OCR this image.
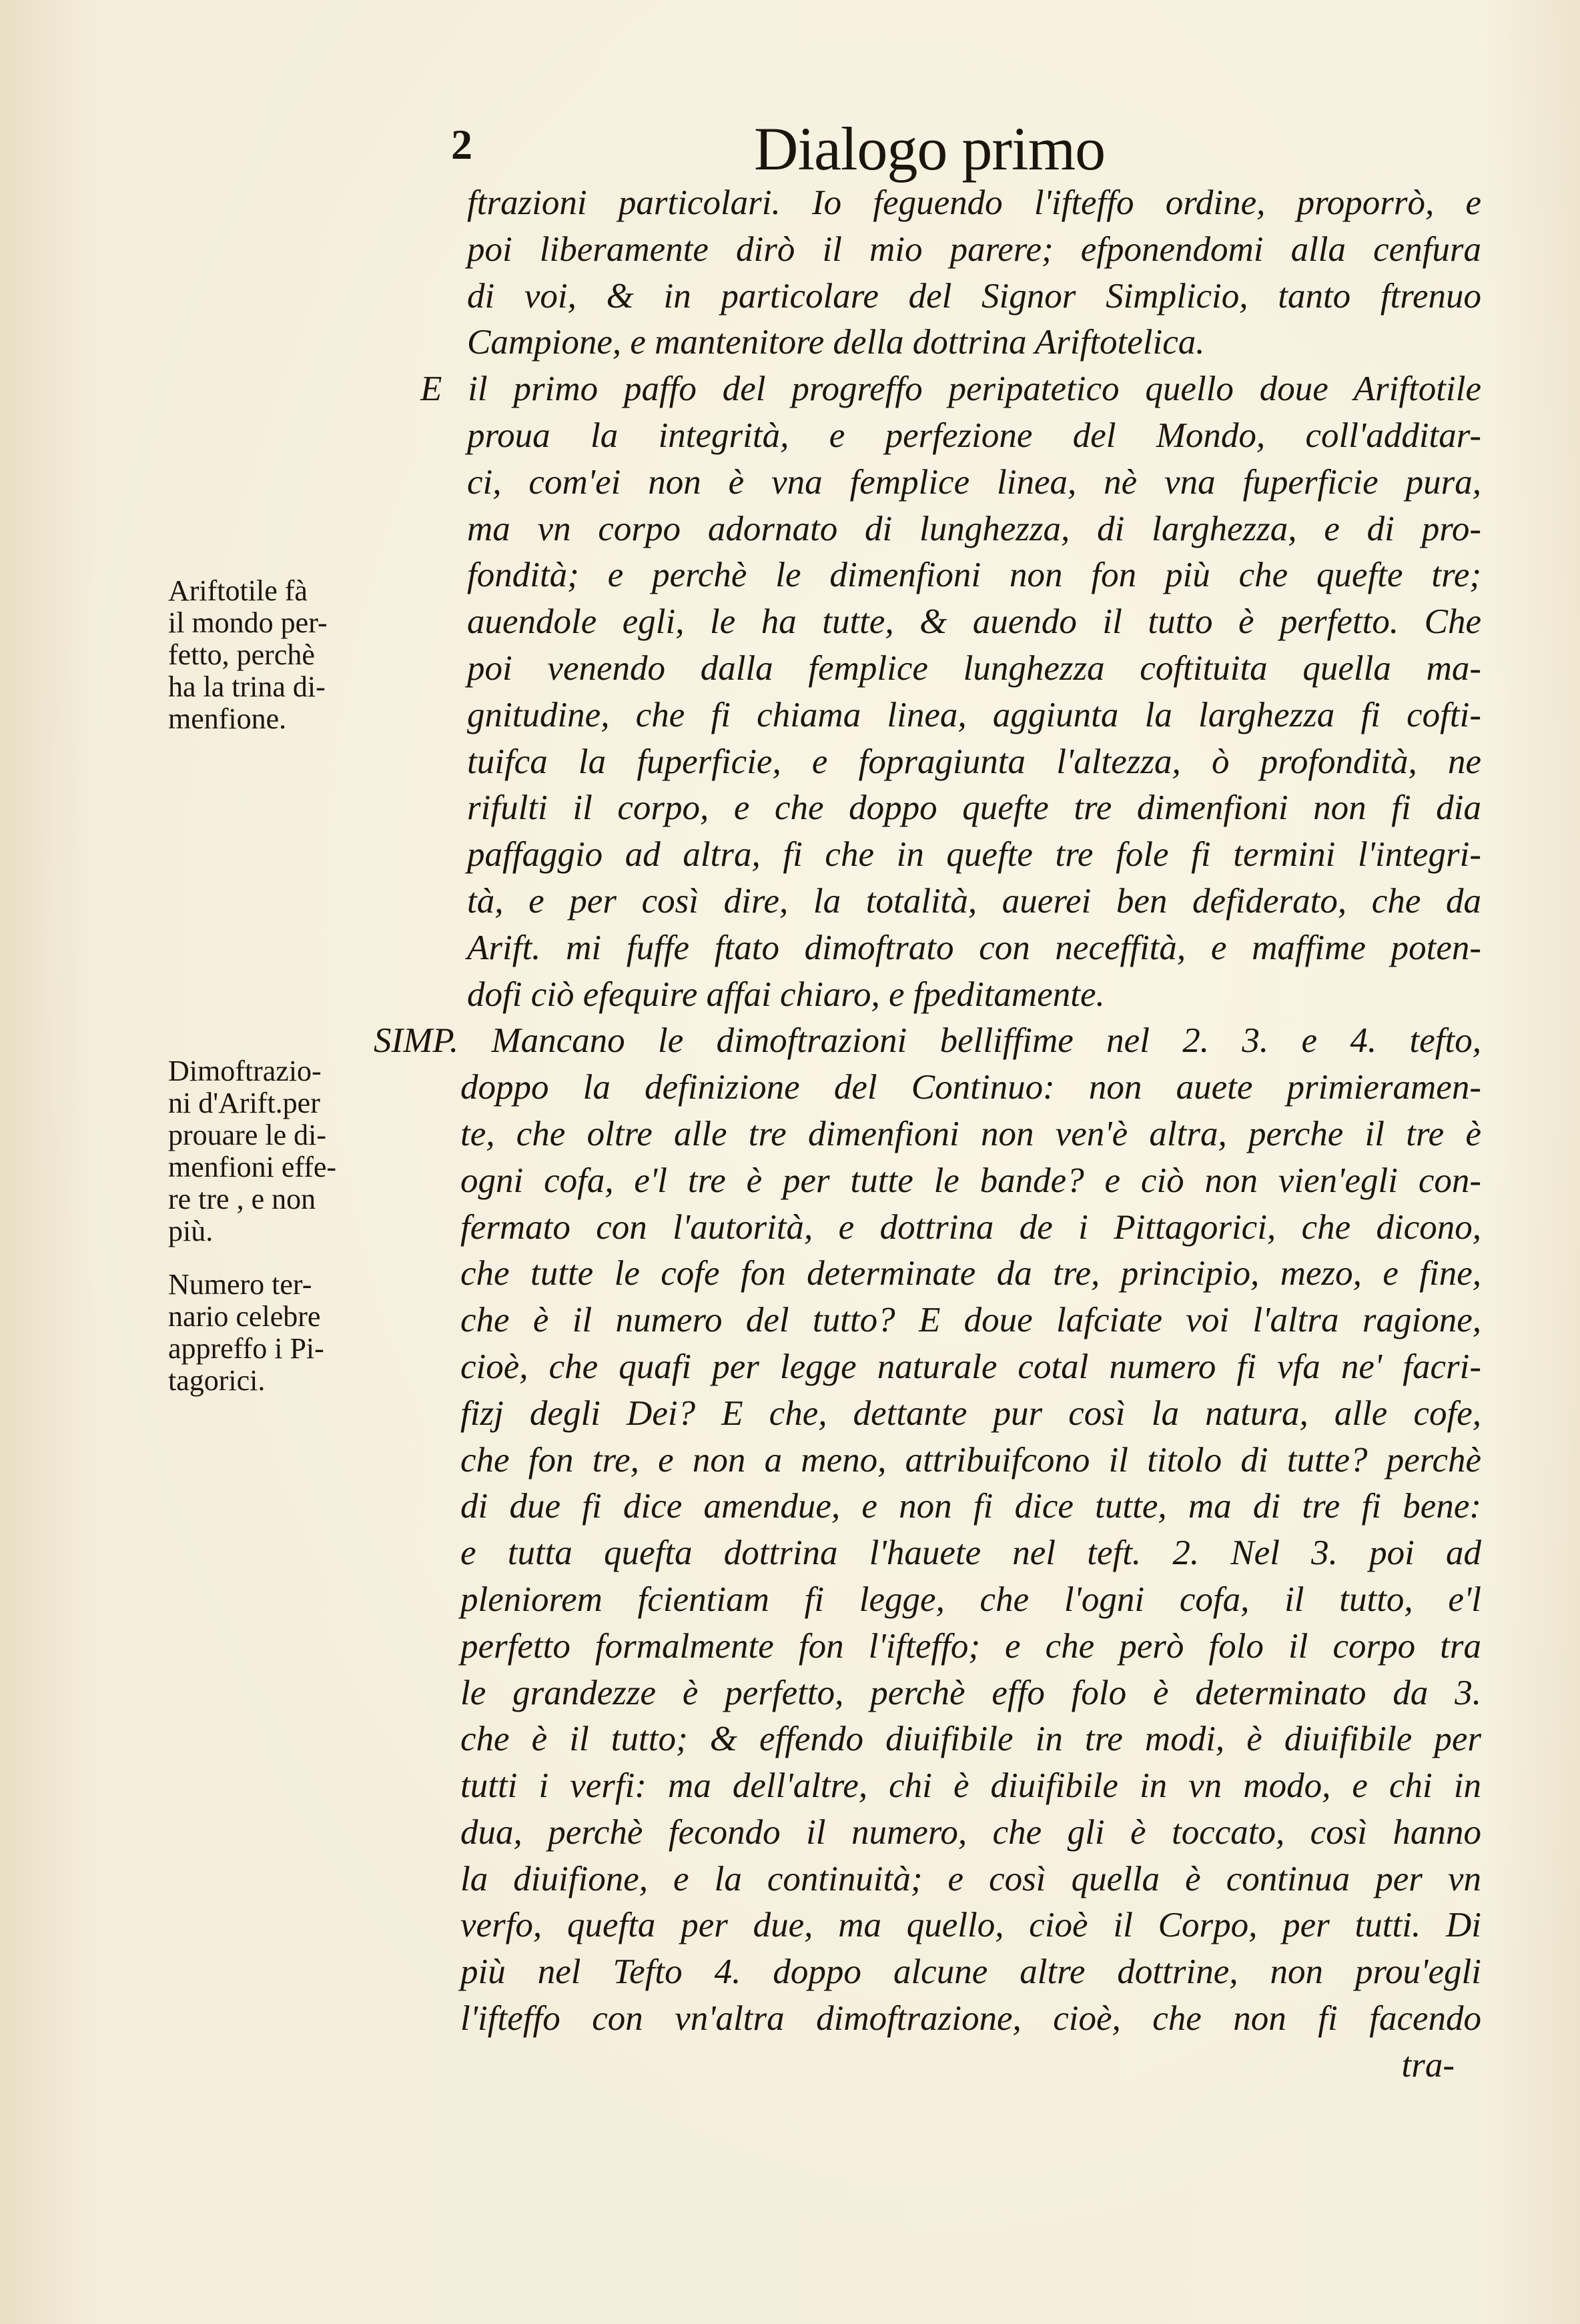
2	Dialogo primo
Ariftotile fà
il mondo per-
fetto, perchè
ha la trina di-
menfione.
Dimoftrazio-
ni d'Arift.per
prouare le di-
menfioni effe-
re tre , e non
più.
Numero ter-
nario celebre
appreffo i Pi-
tagorici.
ftrazioni particolari. Io feguendo l'ifteffo ordine, proporrò, e
poi liberamente dirò il mio parere; efponendomi alla cenfura
di voi, & in particolare del Signor Simplicio, tanto ftrenuo
Campione, e mantenitore della dottrina Ariftotelica.
E il primo paffo del progreffo peripatetico quello doue Ariftotile
proua la integrità, e perfezione del Mondo, coll'additar-
ci, com'ei non è vna femplice linea, nè vna fuperficie pura,
ma vn corpo adornato di lunghezza, di larghezza, e di pro-
fondità; e perchè le dimenfioni non fon più che quefte tre;
auendole egli, le ha tutte, & auendo il tutto è perfetto. Che
poi venendo dalla femplice lunghezza coftituita quella ma-
gnitudine, che fi chiama linea, aggiunta la larghezza fi cofti-
tuifca la fuperficie, e fopragiunta l'altezza, ò profondità, ne
rifulti il corpo, e che doppo quefte tre dimenfioni non fi dia
paffaggio ad altra, fi che in quefte tre fole fi termini l'integri-
tà, e per così dire, la totalità, auerei ben defiderato, che da
Arift. mi fuffe ftato dimoftrato con neceffità, e maffime poten-
dofi ciò efequire affai chiaro, e fpeditamente.
SIMP. Mancano le dimoftrazioni belliffime nel 2. 3. e 4. tefto,
doppo la definizione del Continuo: non auete primieramen-
te, che oltre alle tre dimenfioni non ven'è altra, perche il tre è
ogni cofa, e'l tre è per tutte le bande? e ciò non vien'egli con-
fermato con l'autorità, e dottrina de i Pittagorici, che dicono,
che tutte le cofe fon determinate da tre, principio, mezo, e fine,
che è il numero del tutto? E doue lafciate voi l'altra ragione,
cioè, che quafi per legge naturale cotal numero fi vfa ne' facri-
fizj degli Dei? E che, dettante pur così la natura, alle cofe,
che fon tre, e non a meno, attribuifcono il titolo di tutte? perchè
di due fi dice amendue, e non fi dice tutte, ma di tre fi bene:
e tutta quefta dottrina l'hauete nel teft. 2. Nel 3. poi ad
pleniorem fcientiam fi legge, che l'ogni cofa, il tutto, e'l
perfetto formalmente fon l'ifteffo; e che però folo il corpo tra
le grandezze è perfetto, perchè effo folo è determinato da 3.
che è il tutto; & effendo diuifibile in tre modi, è diuifibile per
tutti i verfi: ma dell'altre, chi è diuifibile in vn modo, e chi in
dua, perchè fecondo il numero, che gli è toccato, così hanno
la diuifione, e la continuità; e così quella è continua per vn
verfo, quefta per due, ma quello, cioè il Corpo, per tutti. Di
più nel Tefto 4. doppo alcune altre dottrine, non prou'egli
l'ifteffo con vn'altra dimoftrazione, cioè, che non fi facendo
tra-
